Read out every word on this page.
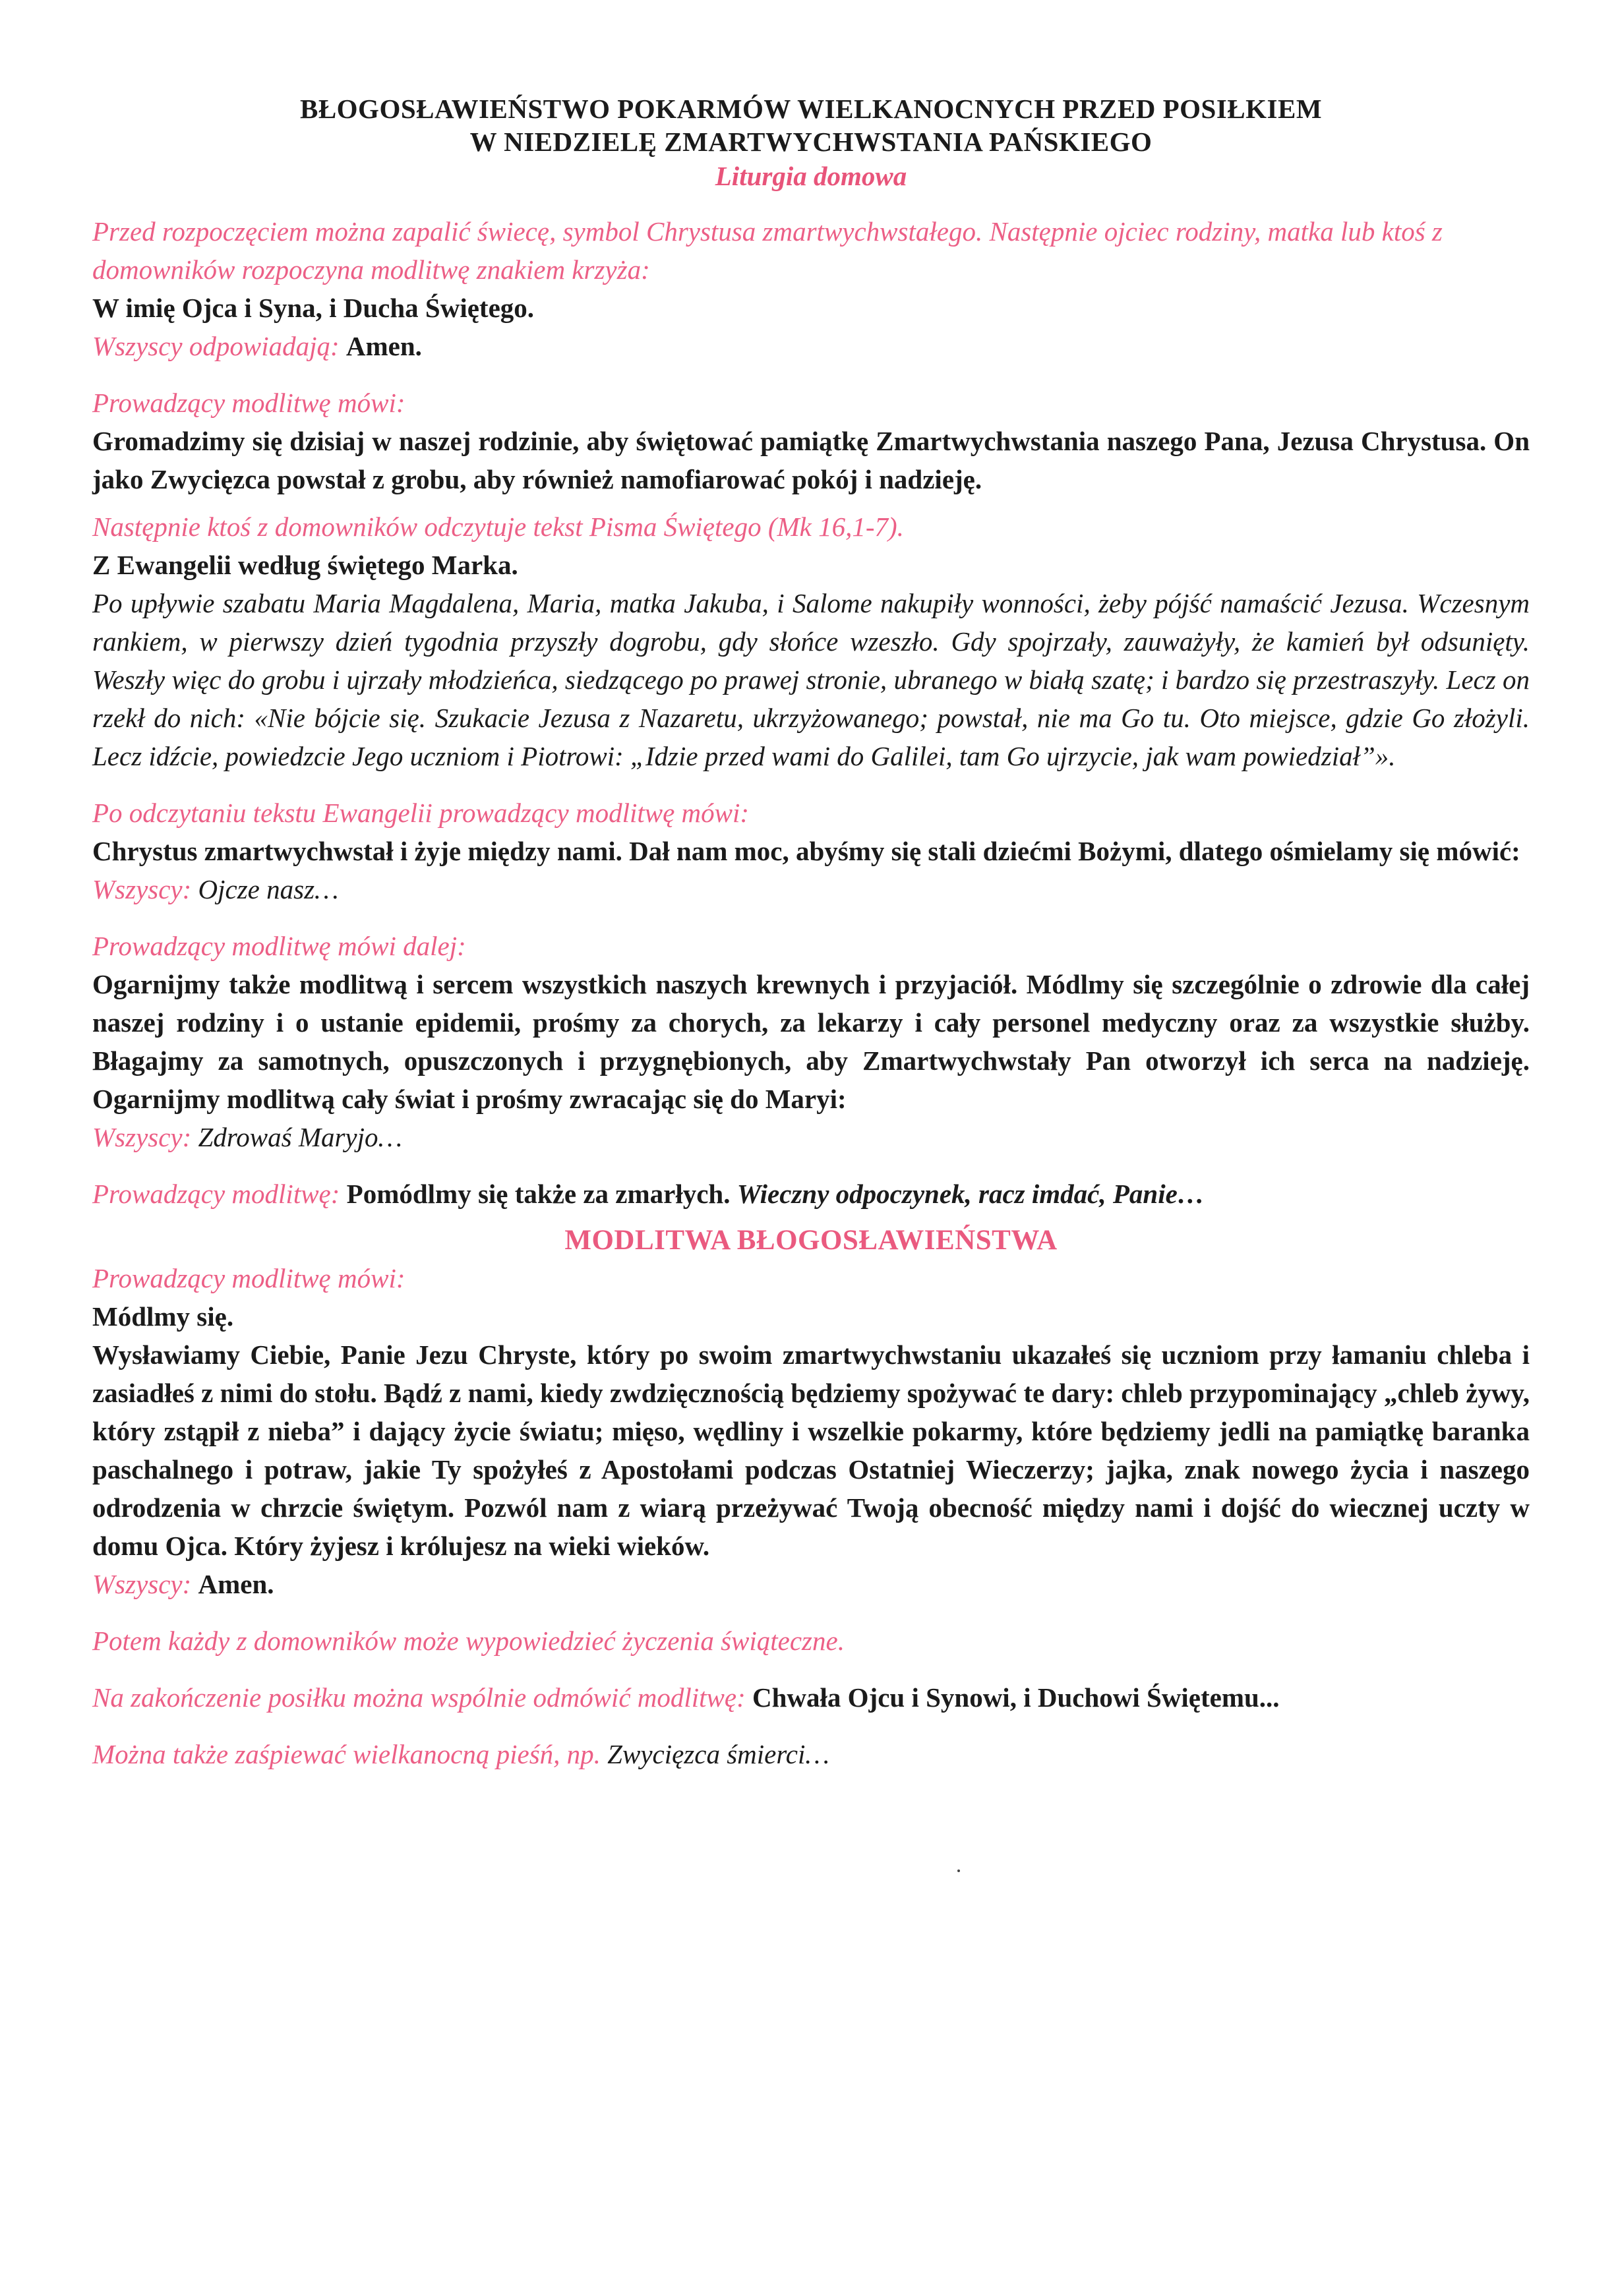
BŁOGOSŁAWIEŃSTWO POKARMÓW WIELKANOCNYCH PRZED POSIŁKIEM
W NIEDZIELĘ ZMARTWYCHWSTANIA PAŃSKIEGO
Liturgia domowa

Przed rozpoczęciem można zapalić świecę, symbol Chrystusa zmartwychwstałego. Następnie ojciec rodziny, matka lub ktoś z domowników rozpoczyna modlitwę znakiem krzyża:

W imię Ojca i Syna, i Ducha Świętego.

Wszyscy odpowiadają: Amen.

Prowadzący modlitwę mówi:

Gromadzimy się dzisiaj w naszej rodzinie, aby świętować pamiątkę Zmartwychwstania naszego Pana, Jezusa Chrystusa. On jako Zwycięzca powstał z grobu, aby również namofiarować pokój i nadzieję.

Następnie ktoś z domowników odczytuje tekst Pisma Świętego (Mk 16,1-7).

Z Ewangelii według świętego Marka.

Po upływie szabatu Maria Magdalena, Maria, matka Jakuba, i Salome nakupiły wonności, żeby pójść namaścić Jezusa. Wczesnym rankiem, w pierwszy dzień tygodnia przyszły dogrobu, gdy słońce wzeszło. Gdy spojrzały, zauważyły, że kamień był odsunięty. Weszły więc do grobu i ujrzały młodzieńca, siedzącego po prawej stronie, ubranego w białą szatę; i bardzo się przestraszyły. Lecz on rzekł do nich: «Nie bójcie się. Szukacie Jezusa z Nazaretu, ukrzyżowanego; powstał, nie ma Go tu. Oto miejsce, gdzie Go złożyli. Lecz idźcie, powiedzcie Jego uczniom i Piotrowi: „Idzie przed wami do Galilei, tam Go ujrzycie, jak wam powiedział”».

Po odczytaniu tekstu Ewangelii prowadzący modlitwę mówi:

Chrystus zmartwychwstał i żyje między nami. Dał nam moc, abyśmy się stali dziećmi Bożymi, dlatego ośmielamy się mówić:

Wszyscy: Ojcze nasz…

Prowadzący modlitwę mówi dalej:

Ogarnijmy także modlitwą i sercem wszystkich naszych krewnych i przyjaciół. Módlmy się szczególnie o zdrowie dla całej naszej rodziny i o ustanie epidemii, prośmy za chorych, za lekarzy i cały personel medyczny oraz za wszystkie służby. Błagajmy za samotnych, opuszczonych i przygnębionych, aby Zmartwychwstały Pan otworzył ich serca na nadzieję. Ogarnijmy modlitwą cały świat i prośmy zwracając się do Maryi:

Wszyscy: Zdrowaś Maryjo…

Prowadzący modlitwę: Pomódlmy się także za zmarłych. Wieczny odpoczynek, racz imdać, Panie…

MODLITWA BŁOGOSŁAWIEŃSTWA

Prowadzący modlitwę mówi:

Módlmy się.

Wysławiamy Ciebie, Panie Jezu Chryste, który po swoim zmartwychwstaniu ukazałeś się uczniom przy łamaniu chleba i zasiadłeś z nimi do stołu. Bądź z nami, kiedy zwdzięcznością będziemy spożywać te dary: chleb przypominający „chleb żywy, który zstąpił z nieba” i dający życie światu; mięso, wędliny i wszelkie pokarmy, które będziemy jedli na pamiątkę baranka paschalnego i potraw, jakie Ty spożyłeś z Apostołami podczas Ostatniej Wieczerzy; jajka, znak nowego życia i naszego odrodzenia w chrzcie świętym. Pozwól nam z wiarą przeżywać Twoją obecność między nami i dojść do wiecznej uczty w domu Ojca. Który żyjesz i królujesz na wieki wieków.

Wszyscy: Amen.

Potem każdy z domowników może wypowiedzieć życzenia świąteczne.

Na zakończenie posiłku można wspólnie odmówić modlitwę: Chwała Ojcu i Synowi, i Duchowi Świętemu...

Można także zaśpiewać wielkanocną pieśń, np. Zwycięzca śmierci…
